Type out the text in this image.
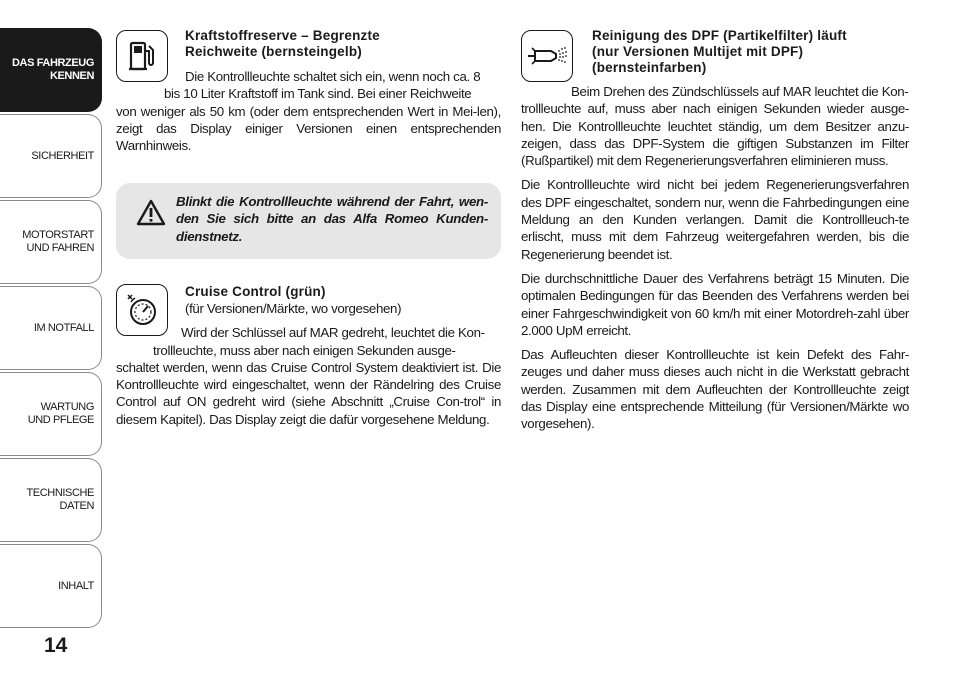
DAS FAHRZEUG
KENNEN
SICHERHEIT
MOTORSTART
UND FAHREN
IM NOTFALL
WARTUNG
UND PFLEGE
TECHNISCHE
DATEN
INHALT
14
Kraftstoffreserve – Begrenzte
Reichweite (bernsteingelb)
Die Kontrollleuchte schaltet sich ein, wenn noch ca. 8
bis 10 Liter Kraftstoff im Tank sind. Bei einer Reichweite

von weniger als 50 km (oder dem entsprechenden Wert in Mei-len), zeigt das Display einiger Versionen einen entsprechenden Warnhinweis.

Blinkt die Kontrollleuchte während der Fahrt, wen-den Sie sich bitte an das Alfa Romeo Kunden-dienstnetz.
Cruise Control (grün)
(für Versionen/Märkte, wo vorgesehen)
Wird der Schlüssel auf MAR gedreht, leuchtet die Kon-
trollleuchte, muss aber nach einigen Sekunden ausge-

schaltet werden, wenn das Cruise Control System deaktiviert ist. Die Kontrollleuchte wird eingeschaltet, wenn der Rändelring des Cruise Control auf ON gedreht wird (siehe Abschnitt „Cruise Con-trol“ in diesem Kapitel). Das Display zeigt die dafür vorgesehene Meldung.

Reinigung des DPF (Partikelfilter) läuft
(nur Versionen Multijet mit DPF)
(bernsteinfarben)
Beim Drehen des Zündschlüssels auf MAR leuchtet die Kon-

trollleuchte auf, muss aber nach einigen Sekunden wieder ausge-hen. Die Kontrollleuchte leuchtet ständig, um dem Besitzer anzu-zeigen, dass das DPF-System die giftigen Substanzen im Filter (Rußpartikel) mit dem Regenerierungsverfahren eliminieren muss.

Die Kontrollleuchte wird nicht bei jedem Regenerierungsverfahren des DPF eingeschaltet, sondern nur, wenn die Fahrbedingungen eine Meldung an den Kunden verlangen. Damit die Kontrollleuch-te erlischt, muss mit dem Fahrzeug weitergefahren werden, bis die Regenerierung beendet ist.

Die durchschnittliche Dauer des Verfahrens beträgt 15 Minuten. Die optimalen Bedingungen für das Beenden des Verfahrens werden bei einer Fahrgeschwindigkeit von 60 km/h mit einer Motordreh-zahl über 2.000 UpM erreicht.

Das Aufleuchten dieser Kontrollleuchte ist kein Defekt des Fahr-zeuges und daher muss dieses auch nicht in die Werkstatt gebracht werden. Zusammen mit dem Aufleuchten der Kontrollleuchte zeigt das Display eine entsprechende Mitteilung (für Versionen/Märkte wo vorgesehen).
